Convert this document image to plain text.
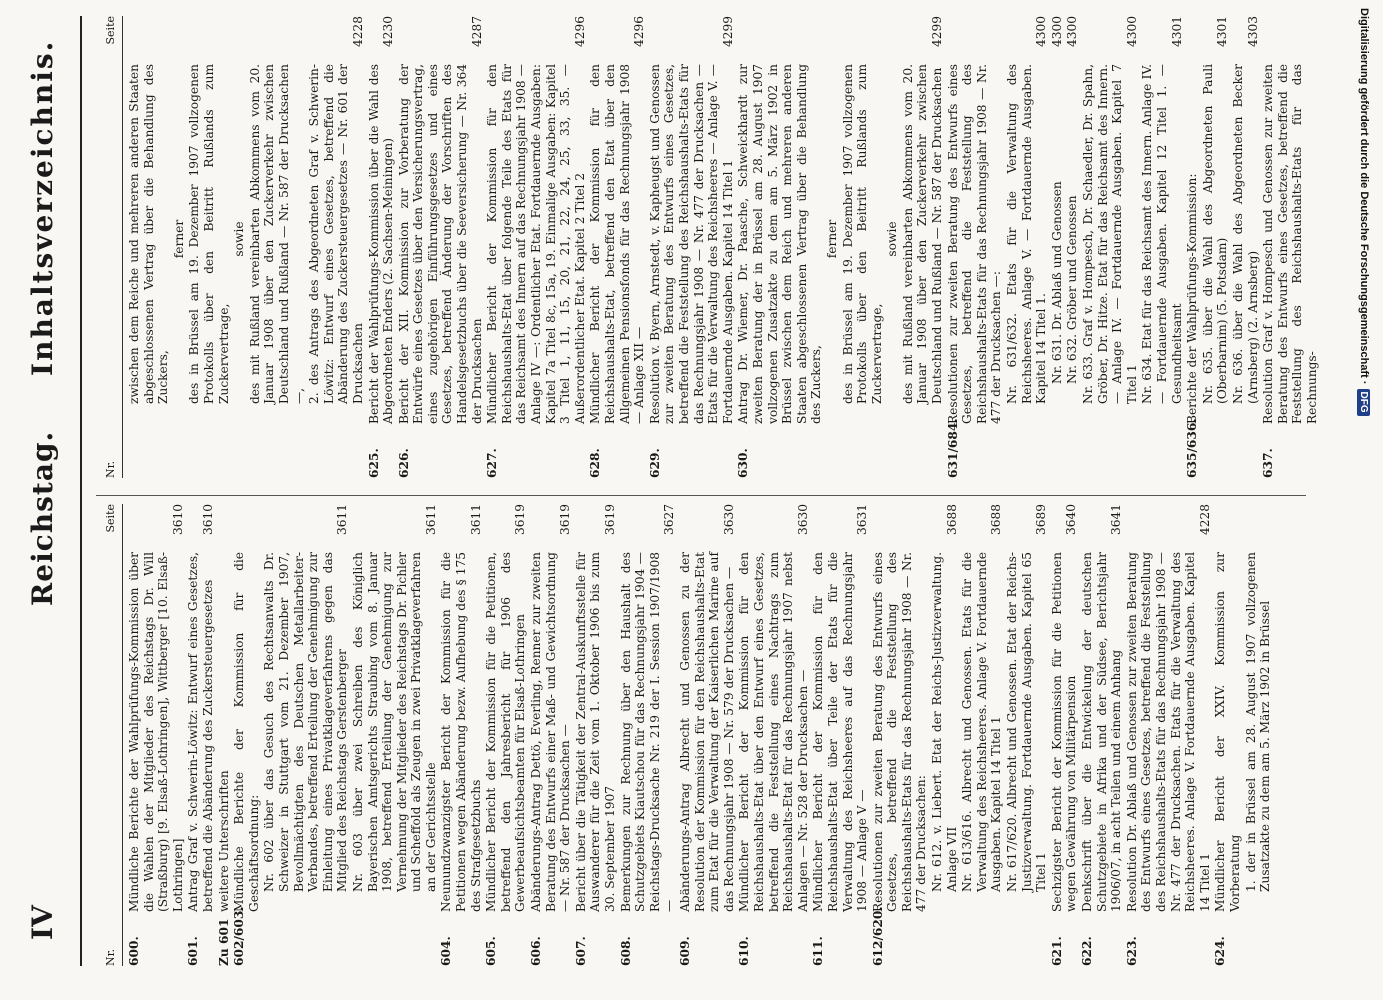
IV
Reichstag.
Inhaltsverzeichnis.
Nr.
Seite
600.
Mündliche Berichte der Wahlprüfungs-Kommission über die Wahlen der Mitglieder des Reichstags Dr. Will (Straßburg) [9. Elsaß-Lothringen], Wittberger [10. Elsaß-Lothringen]
3610
601.
Antrag Graf v. Schwerin-Löwitz: Entwurf eines Gesetzes, betreffend die Abänderung des Zuckersteuergesetzes
3610
Zu 601
weitere Unterschriften
602/603.
Mündliche Berichte der Kommission für die Geschäftsordnung: Nr. 602 über das Gesuch des Rechtsanwalts Dr. Schweizer in Stuttgart vom 21. Dezember 1907, Bevollmächtigten des Deutschen Metallarbeiter-Verbandes, betreffend Erteilung der Genehmigung zur Einleitung eines Privatklageverfahrens gegen das Mitglied des Reichstags Gerstenberger
3611
Nr. 603 über zwei Schreiben des Königlich Bayerischen Amtsgerichts Straubing vom 8. Januar 1908, betreffend Erteilung der Genehmigung zur Vernehmung der Mitglieder des Reichstags Dr. Pichler und Scheffold als Zeugen in zwei Privatklageverfahren an der Gerichtsstelle
3611
604.
Neunundzwanzigster Bericht der Kommission für die Petitionen wegen Abänderung bezw. Aufhebung des § 175 des Strafgesetzbuchs
3611
605.
Mündlicher Bericht der Kommission für die Petitionen, betreffend den Jahresbericht für 1906 des Gewerbeaufsichtsbeamten für Elsaß-Lothringen
3619
606.
Abänderungs-Antrag Dettö, Everling, Renner zur zweiten Beratung des Entwurfs einer Maß- und Gewichtsordnung — Nr. 587 der Drucksachen —
3619
607.
Bericht über die Tätigkeit der Zentral-Auskunftsstelle für Auswanderer für die Zeit vom 1. Oktober 1906 bis zum 30. September 1907
3619
608.
Bemerkungen zur Rechnung über den Haushalt des Schutzgebiets Kiautschou für das Rechnungsjahr 1904 — Reichstags-Drucksache Nr. 219 der I. Session 1907/1908 —
3627
609.
Abänderungs-Antrag Albrecht und Genossen zu der Resolution der Kommission für den Reichshaushalts-Etat zum Etat für die Verwaltung der Kaiserlichen Marine auf das Rechnungsjahr 1908 — Nr. 579 der Drucksachen —
3630
610.
Mündlicher Bericht der Kommission für den Reichshaushalts-Etat über den Entwurf eines Gesetzes, betreffend die Feststellung eines Nachtrags zum Reichshaushalts-Etat für das Rechnungsjahr 1907 nebst Anlagen — Nr. 528 der Drucksachen —
3630
611.
Mündlicher Bericht der Kommission für den Reichshaushalts-Etat über Teile der Etats für die Verwaltung des Reichsheeres auf das Rechnungsjahr 1908 — Anlage V —
3631
612/620.
Resolutionen zur zweiten Beratung des Entwurfs eines Gesetzes, betreffend die Feststellung des Reichshaushalts-Etats für das Rechnungsjahr 1908 — Nr. 477 der Drucksachen: Nr. 612. v. Liebert. Etat der Reichs-Justizverwaltung. Anlage VII
3688
Nr. 613/616. Albrecht und Genossen. Etats für die Verwaltung des Reichsheeres. Anlage V. Fortdauernde Ausgaben. Kapitel 14 Titel 1
3688
Nr. 617/620. Albrecht und Genossen. Etat der Reichs-Justizverwaltung. Fortdauernde Ausgaben. Kapitel 65 Titel 1
3689
621.
Sechzigster Bericht der Kommission für die Petitionen wegen Gewährung von Militärpension
3640
622.
Denkschrift über die Entwickelung der deutschen Schutzgebiete in Afrika und der Südsee, Berichtsjahr 1906/07, in acht Teilen und einem Anhang
3641
623.
Resolution Dr. Ablaß und Genossen zur zweiten Beratung des Entwurfs eines Gesetzes, betreffend die Feststellung des Reichshaushalts-Etats für das Rechnungsjahr 1908 — Nr. 477 der Drucksachen. Etats für die Verwaltung des Reichsheeres. Anlage V. Fortdauernde Ausgaben. Kapitel 14 Titel 1
4228
624.
Mündlicher Bericht der XXIV. Kommission zur Vorberatung 1. der in Brüssel am 28. August 1907 vollzogenen Zusatzakte zu dem am 5. März 1902 in Brüssel
Nr.
Seite
zwischen dem Reiche und mehreren anderen Staaten abgeschlossenen Vertrag über die Behandlung des Zuckers,
ferner des in Brüssel am 19. Dezember 1907 vollzogenen Protokolls über den Beitritt Rußlands zum Zuckervertrage,
sowie des mit Rußland vereinbarten Abkommens vom 20. Januar 1908 über den Zuckerverkehr zwischen Deutschland und Rußland — Nr. 587 der Drucksachen —, 2. des Antrags des Abgeordneten Graf v. Schwerin-Löwitz: Entwurf eines Gesetzes, betreffend die Abänderung des Zuckersteuergesetzes — Nr. 601 der Drucksachen
4228
625.
Bericht der Wahlprüfungs-Kommission über die Wahl des Abgeordneten Enders (2. Sachsen-Meiningen)
4230
626.
Bericht der XII. Kommission zur Vorberatung der Entwürfe eines Gesetzes über den Versicherungsvertrag, eines zugehörigen Einführungsgesetzes und eines Gesetzes, betreffend Änderung der Vorschriften des Handelsgesetzbuchs über die Seeversicherung — Nr. 364 der Drucksachen
4287
627.
Mündlicher Bericht der Kommission für den Reichshaushalts-Etat über folgende Teile des Etats für das Reichsamt des Innern auf das Rechnungsjahr 1908 — Anlage IV —: Ordentlicher Etat. Fortdauernde Ausgaben: Kapitel 7a Titel 8c, 15a, 19. Einmalige Ausgaben: Kapitel 3 Titel 1, 11, 15, 20, 21, 22, 24, 25, 33, 35. — Außerordentlicher Etat. Kapitel 2 Titel 2
4296
628.
Mündlicher Bericht der Kommission für den Reichshaushalts-Etat, betreffend den Etat über den Allgemeinen Pensionsfonds für das Rechnungsjahr 1908 — Anlage XII —
4296
629.
Resolution v. Byern, Arnstedt, v. Kapheugst und Genossen zur zweiten Beratung des Entwurfs eines Gesetzes, betreffend die Feststellung des Reichshaushalts-Etats für das Rechnungsjahr 1908 — Nr. 477 der Drucksachen — Etats für die Verwaltung des Reichsheeres — Anlage V. — Fortdauernde Ausgaben. Kapitel 14 Titel 1
4299
630.
Antrag Dr. Wiemer, Dr. Paasche, Schweickhardt zur zweiten Beratung der in Brüssel am 28. August 1907 vollzogenen Zusatzakte zu dem am 5. März 1902 in Brüssel zwischen dem Reich und mehreren anderen Staaten abgeschlossenen Vertrag über die Behandlung des Zuckers,
ferner des in Brüssel am 19. Dezember 1907 vollzogenen Protokolls über den Beitritt Rußlands zum Zuckervertrage,
sowie des mit Rußland vereinbarten Abkommens vom 20. Januar 1908 über den Zuckerverkehr zwischen Deutschland und Rußland — Nr. 587 der Drucksachen
4299
631/684.
Resolutionen zur zweiten Beratung des Entwurfs eines Gesetzes, betreffend die Feststellung des Reichshaushalts-Etats für das Rechnungsjahr 1908 — Nr. 477 der Drucksachen —: Nr. 631/632. Etats für die Verwaltung des Reichsheeres. Anlage V. — Fortdauernde Ausgaben. Kapitel 14 Titel 1.
4300
Nr. 631. Dr. Ablaß und Genossen
4300
Nr. 632. Gröber und Genossen
4300
Nr. 633. Graf v. Hompesch, Dr. Schaedler, Dr. Spahn, Gröber, Dr. Hitze. Etat für das Reichsamt des Innern. — Anlage IV. — Fortdauernde Ausgaben. Kapitel 7 Titel 1
4300
Nr. 634. Etat für das Reichsamt des Innern. Anlage IV. — Fortdauernde Ausgaben. Kapitel 12 Titel 1. — Gesundheitsamt
4301
635/636.
Berichte der Wahlprüfungs-Kommission: Nr. 635. über die Wahl des Abgeordneten Pauli (Oberbarnim) (5. Potsdam)
4301
Nr. 636. über die Wahl des Abgeordneten Becker (Arnsberg) (2. Arnsberg)
4303
637.
Resolution Graf v. Hompesch und Genossen zur zweiten Beratung des Entwurfs eines Gesetzes, betreffend die Feststellung des Reichshaushalts-Etats für das Rechnungs-
Digitalisierung gefördert durch die Deutsche Forschungsgemeinschaft ·
DFG
